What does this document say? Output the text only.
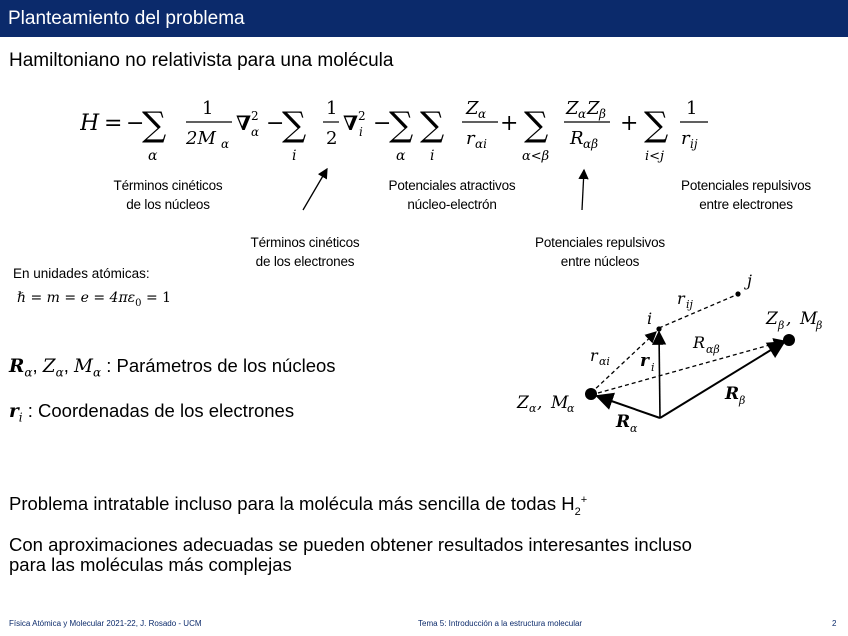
Planteamiento del problema
Hamiltoniano no relativista para una molécula
H = −
∑
α
1
2M α
∇ 2
α −
∑
i
1
2
∇ 2
i −
∑
α
∑
i
Z α
r αi
+ ∑
α<β
Z α Z β
R αβ
+ ∑
i<j
1
r ij
Términos cinéticos
de los núcleos
Términos cinéticos
de los electrones
Potenciales atractivos
núcleo-electrón
Potenciales repulsivos
entre núcleos
Potenciales repulsivos
entre electrones
En unidades atómicas:
ℏ = $m = e = 4\pi\varepsilon_0 = 1$
$R_\alpha$, $Z_\alpha$, $M_\alpha$ : Parámetros de los núcleos
$r_i$ : Coordenadas de los electrones	Z α , M
α
Z β , M
β
i
j
r ij
r αi r i
R αβ
R β
R α
Problema intratable incluso para la molécula más sencilla de todas $H_2^+$
Con aproximaciones adecuadas se pueden obtener resultados interesantes incluso
para las moléculas más complejas
Física Atómica y Molecular 2021-22, J. Rosado - UCM	Tema 5: Introducción a la estructura molecular	2
